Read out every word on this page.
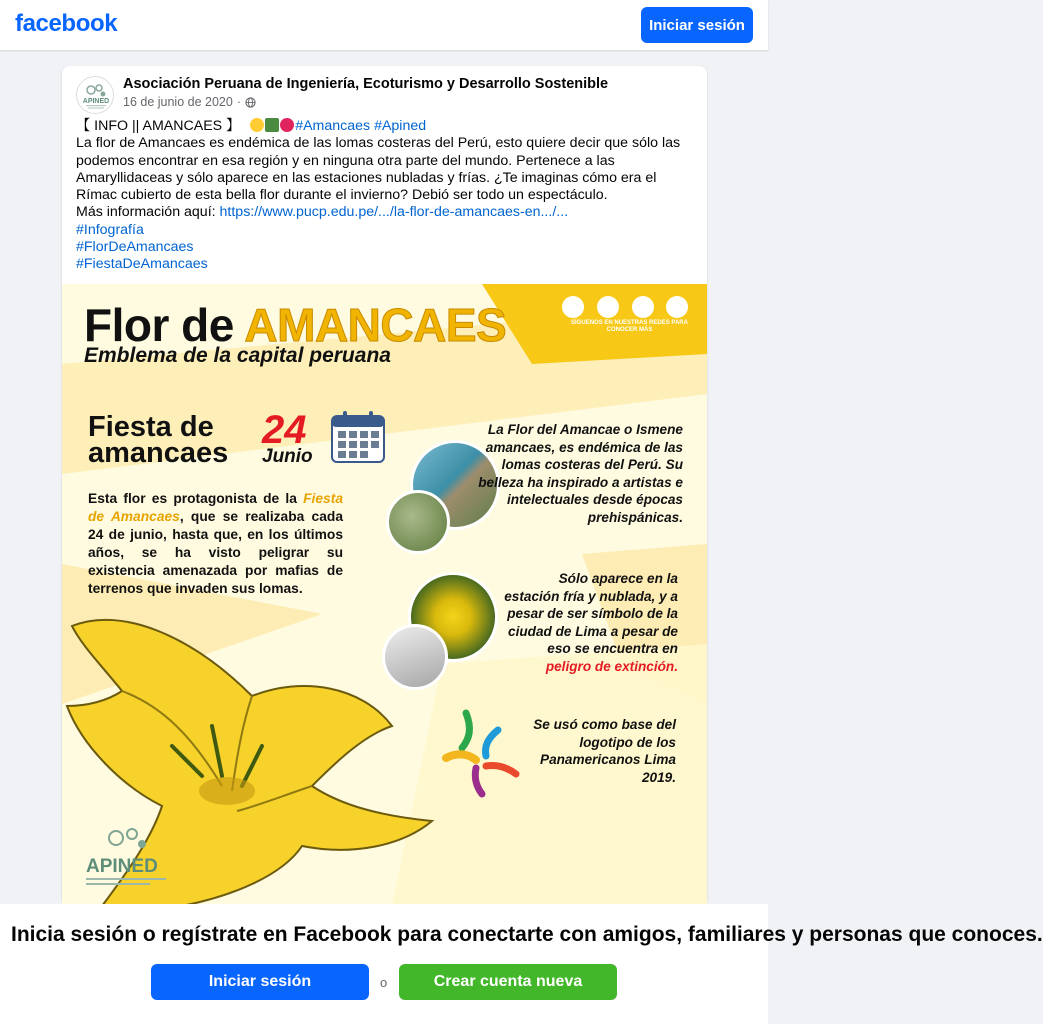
facebook	Iniciar sesión
APINED
Asociación Peruana de Ingeniería, Ecoturismo y Desarrollo Sostenible
16 de junio de 2020 ·
【 INFO || AMANCAES 】	#Amancaes #Apined
La flor de Amancaes es endémica de las lomas costeras del Perú, esto quiere decir que sólo las podemos encontrar en esa región y en ninguna otra parte del mundo. Pertenece a las Amaryllidaceas y sólo aparece en las estaciones nubladas y frías. ¿Te imaginas cómo era el Rímac cubierto de esta bella flor durante el invierno? Debió ser todo un espectáculo.
Más información aquí: https://www.pucp.edu.pe/.../la-flor-de-amancaes-en.../...
#Infografía
#FlorDeAmancaes
#FiestaDeAmancaes
Flor de AMANCAES
Emblema de la capital peruana
SÍGUENOS EN NUESTRAS REDES PARA CONOCER MÁS
Fiesta de
amancaes
24
Junio
Esta flor es protagonista de la Fiesta de Amancaes, que se realizaba cada 24 de junio, hasta que, en los últimos años, se ha visto peligrar su existencia amenazada por mafias de terrenos que invaden sus lomas.
La Flor del Amancae o Ismene amancaes, es endémica de las lomas costeras del Perú. Su belleza ha inspirado a artistas e intelectuales desde épocas prehispánicas.
Sólo aparece en la estación fría y nublada, y a pesar de ser símbolo de la ciudad de Lima a pesar de eso se encuentra en peligro de extinción.
Se usó como base del logotipo de los Panamericanos Lima 2019.
APINED
Inicia sesión o regístrate en Facebook para conectarte con amigos, familiares y personas que conoces.
Iniciar sesión	o	Crear cuenta nueva
